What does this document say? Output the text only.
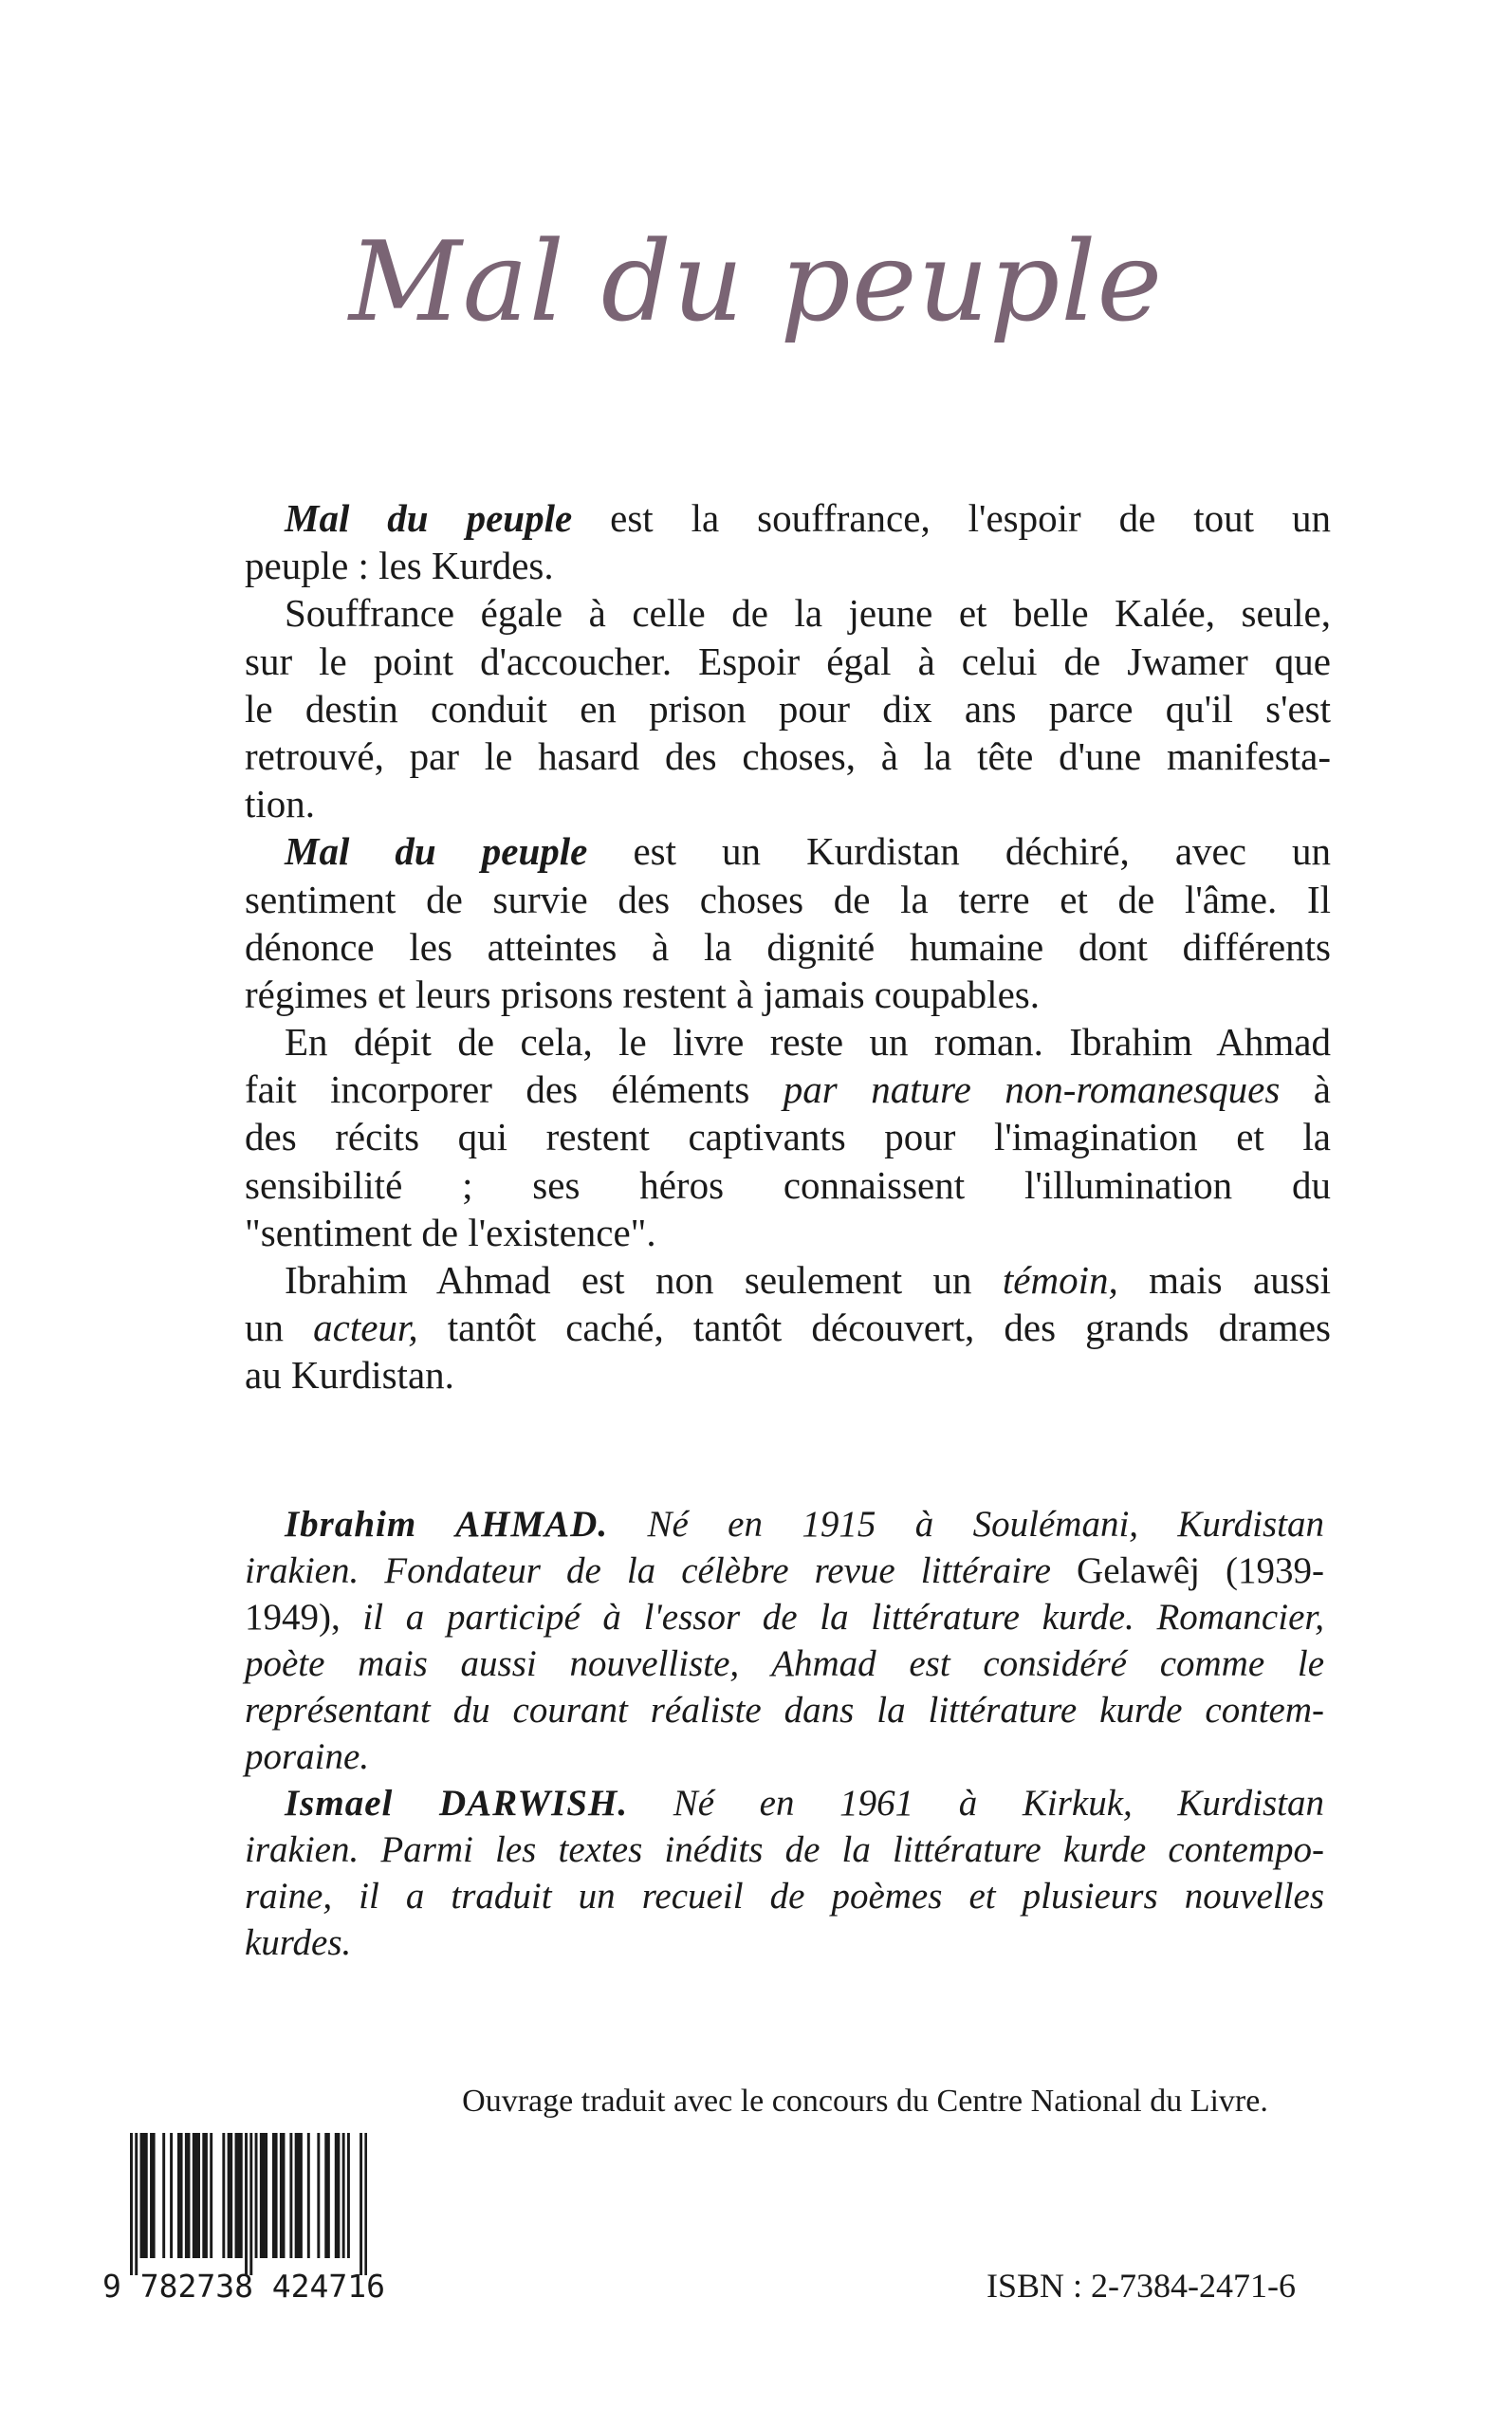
Mal du peuple
Mal du peuple est la souffrance, l'espoir de tout un
peuple : les Kurdes.
Souffrance égale à celle de la jeune et belle Kalée, seule,
sur le point d'accoucher. Espoir égal à celui de Jwamer que
le destin conduit en prison pour dix ans parce qu'il s'est
retrouvé, par le hasard des choses, à la tête d'une manifesta-
tion.
Mal du peuple est un Kurdistan déchiré, avec un
sentiment de survie des choses de la terre et de l'âme. Il
dénonce les atteintes à la dignité humaine dont différents
régimes et leurs prisons restent à jamais coupables.
En dépit de cela, le livre reste un roman. Ibrahim Ahmad
fait incorporer des éléments par nature non-romanesques à
des récits qui restent captivants pour l'imagination et la
sensibilité ; ses héros connaissent l'illumination du
"sentiment de l'existence".
Ibrahim Ahmad est non seulement un témoin, mais aussi
un acteur, tantôt caché, tantôt découvert, des grands drames
au Kurdistan.
Ibrahim AHMAD. Né en 1915 à Soulémani, Kurdistan
irakien. Fondateur de la célèbre revue littéraire Gelawêj (1939-
1949), il a participé à l'essor de la littérature kurde. Romancier,
poète mais aussi nouvelliste, Ahmad est considéré comme le
représentant du courant réaliste dans la littérature kurde contem-
poraine.
Ismael DARWISH. Né en 1961 à Kirkuk, Kurdistan
irakien. Parmi les textes inédits de la littérature kurde contempo-
raine, il a traduit un recueil de poèmes et plusieurs nouvelles
kurdes.
Ouvrage traduit avec le concours du Centre National du Livre.
9 782738 424716	ISBN : 2-7384-2471-6
